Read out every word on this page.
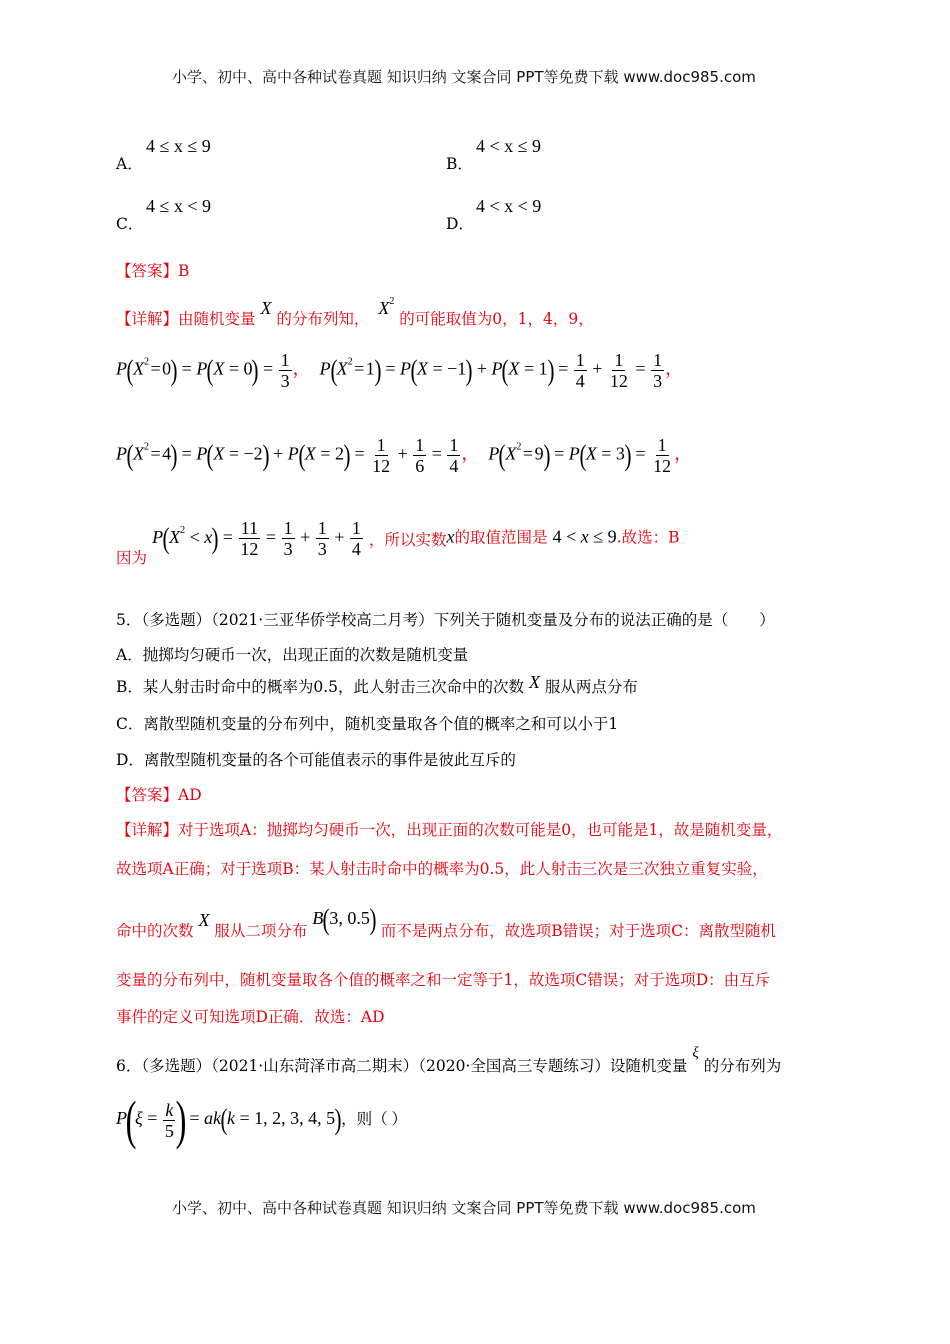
小学、初中、高中各种试卷真题 知识归纳 文案合同 PPT等免费下载 www.doc985.com
A．
4 ≤ x ≤ 9
B．
4 < x ≤ 9
C．
4 ≤ x < 9
D．
4 < x < 9
【答案】B
【详解】由随机变量 X 的分布列知， $X^2$ 的可能取值为0，1，4，9，
$P(X^2$ = $0) = P(X = 0) = \frac{1}{3}$ ， $P(X^2$ = $1) = P(X = -1) + P(X = 1) = \frac{1}{4} + \frac{1}{12} = \frac{1}{3}$ ，
$P(X^2$ = $4) = P(X = -2) + P(X = 2) = \frac{1}{12} + \frac{1}{6} = \frac{1}{4}$ ， $P(X^2$ = $9) = P(X = 3) = \frac{1}{12}$ ，
因为 $P(X^2 < x) = \frac{11}{12} = \frac{1}{3} + \frac{1}{3} + \frac{1}{4}$ ，所以实数x的取值范围是 4 < x ≤ 9.故选：B
5．（多选题）（2021·三亚华侨学校高二月考）下列关于随机变量及分布的说法正确的是（　　）
A．抛掷均匀硬币一次，出现正面的次数是随机变量
B．某人射击时命中的概率为0.5，此人射击三次命中的次数 X 服从两点分布
C．离散型随机变量的分布列中，随机变量取各个值的概率之和可以小于1
D．离散型随机变量的各个可能值表示的事件是彼此互斥的
【答案】AD
【详解】对于选项A：抛掷均匀硬币一次，出现正面的次数可能是0，也可能是1，故是随机变量，
故选项A正确；对于选项B：某人射击时命中的概率为0.5，此人射击三次是三次独立重复实验，
命中的次数 X 服从二项分布 B(3, 0.5) 而不是两点分布，故选项B错误；对于选项C：离散型随机
变量的分布列中，随机变量取各个值的概率之和一定等于1，故选项C错误；对于选项D：由互斥
事件的定义可知选项D正确．故选：AD
6．（多选题）（2021·山东菏泽市高二期末）（2020·全国高三专题练习）设随机变量 ξ 的分布列为
$P(\xi = \frac{k}{5}$ ) = ak(k = 1, 2, 3, 4, 5)，则（ ）
小学、初中、高中各种试卷真题 知识归纳 文案合同 PPT等免费下载 www.doc985.com
